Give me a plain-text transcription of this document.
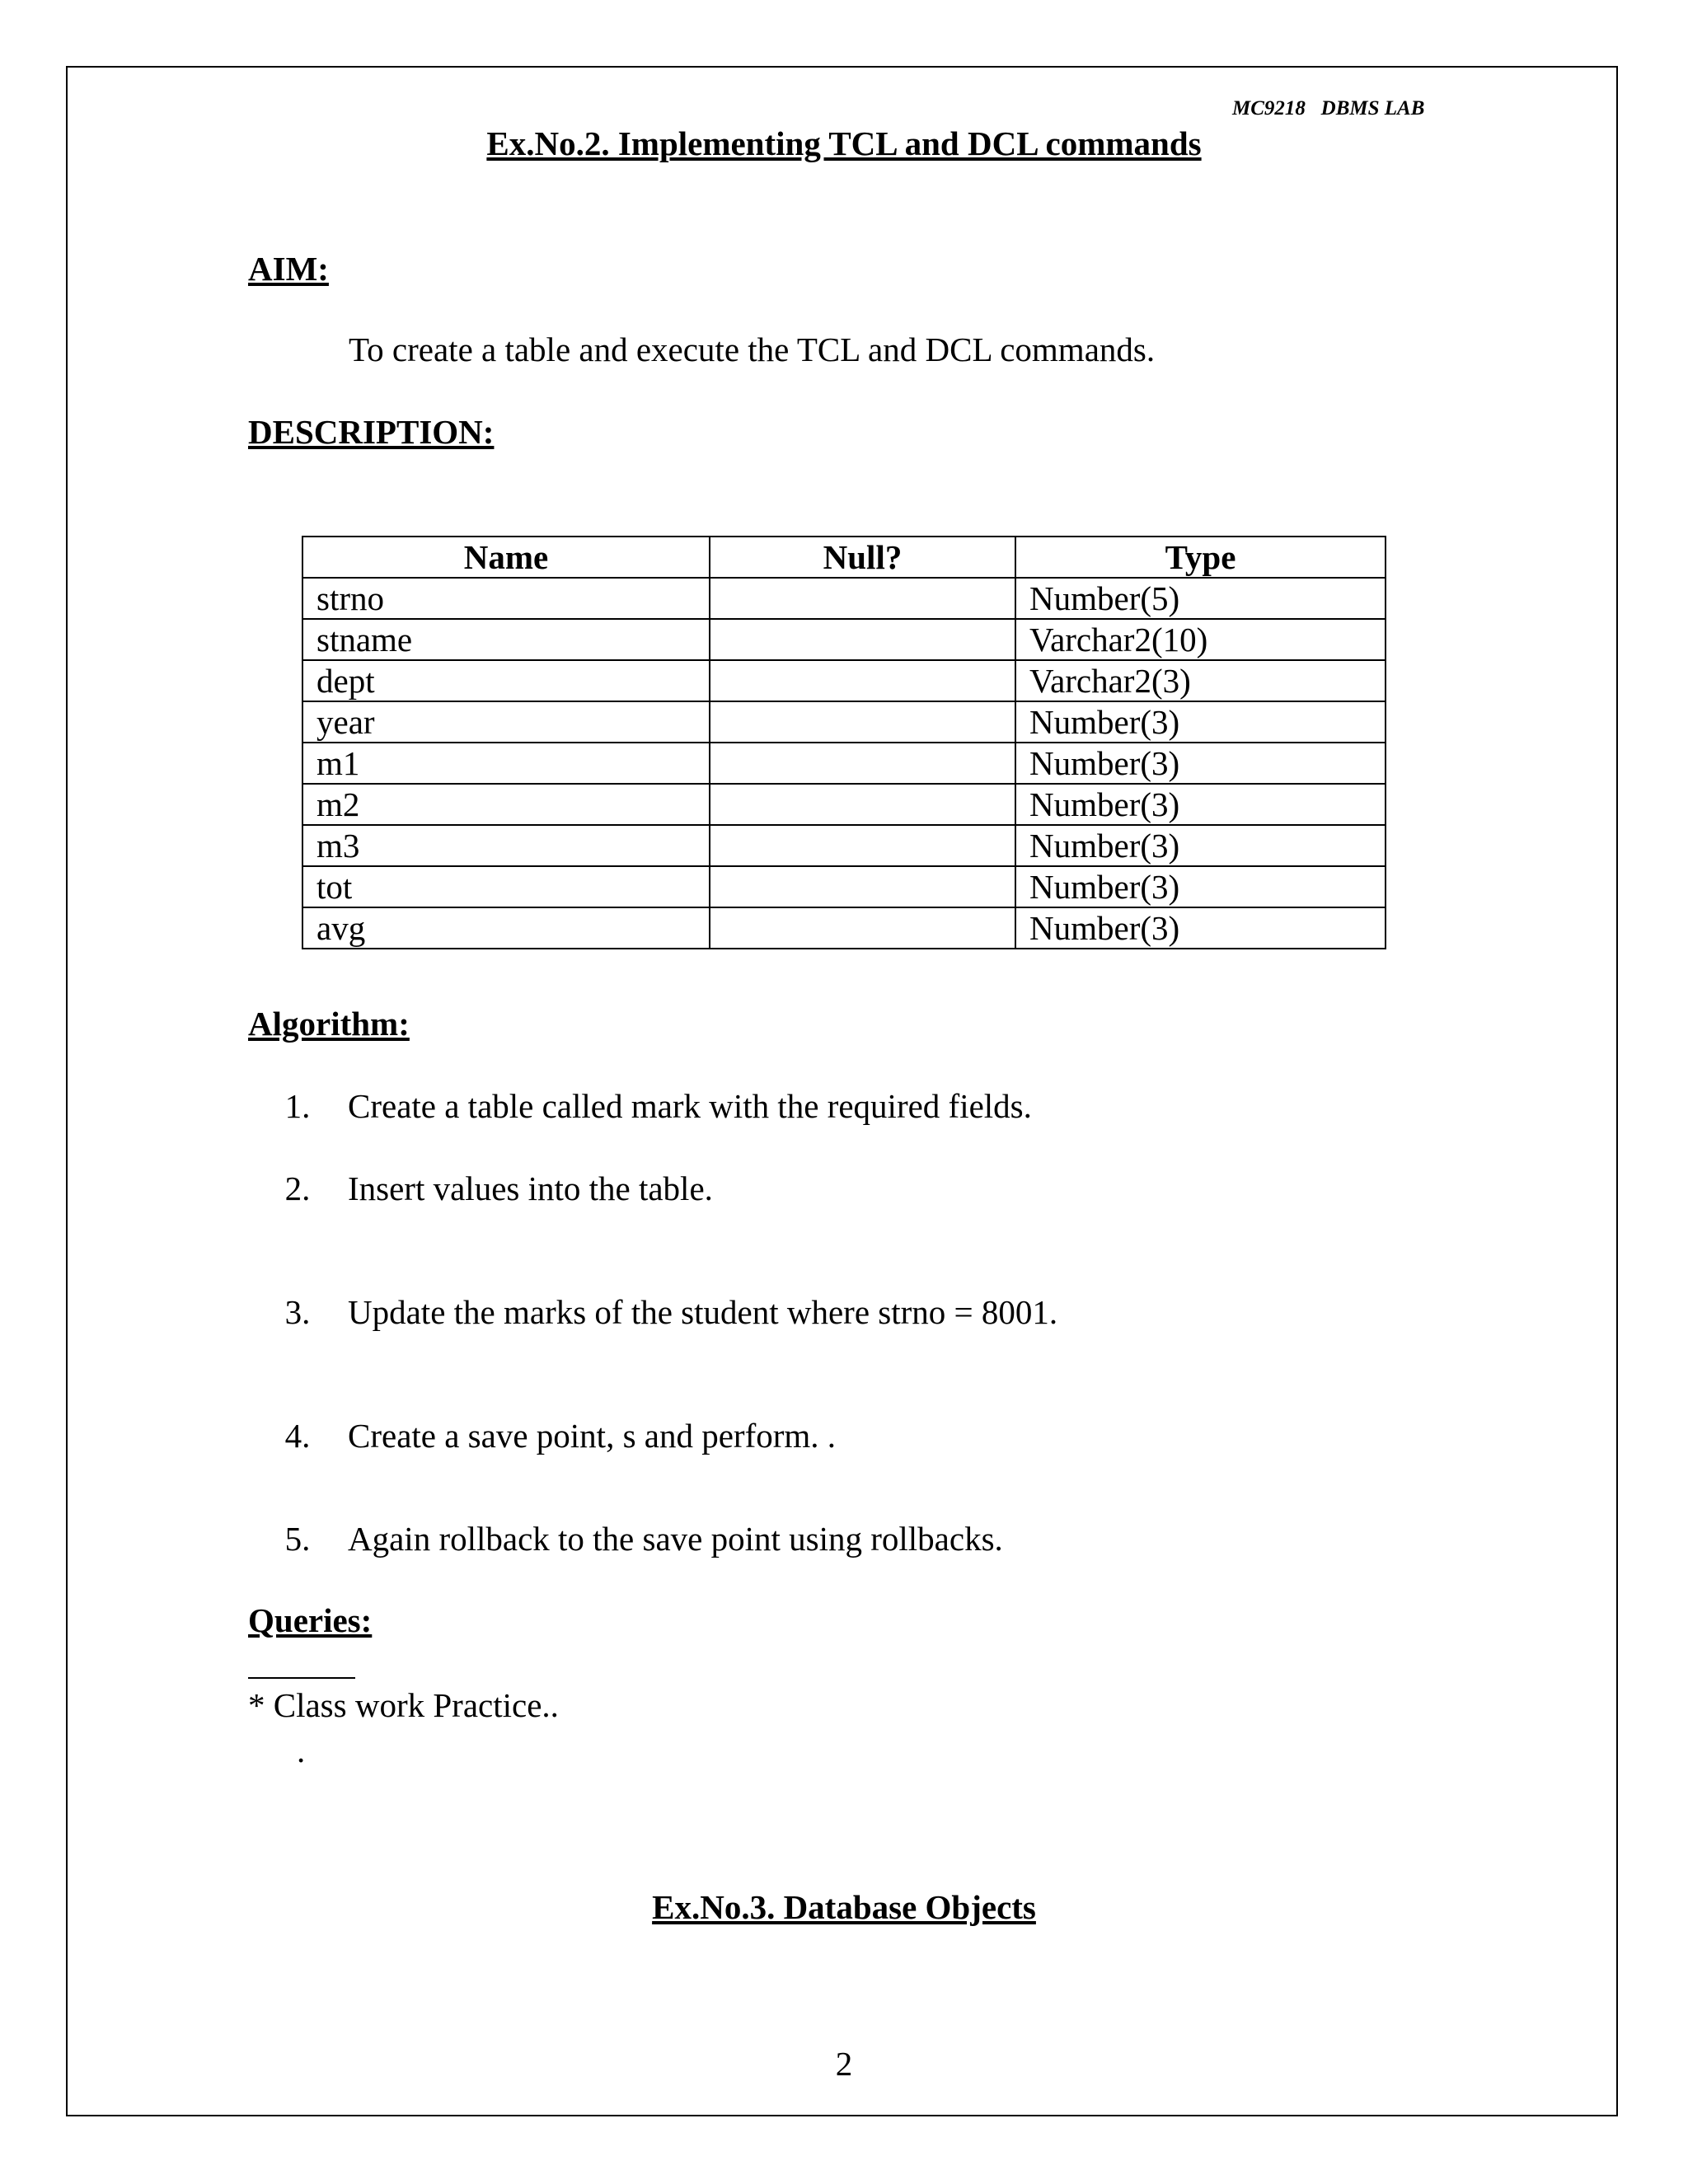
MC9218   DBMS LAB
Ex.No.2. Implementing TCL and DCL commands
AIM:
To create a table and execute the TCL and DCL commands.
DESCRIPTION:
Name	Null?	Type
strno		Number(5)
stname		Varchar2(10)
dept		Varchar2(3)
year		Number(3)
m1		Number(3)
m2		Number(3)
m3		Number(3)
tot		Number(3)
avg		Number(3)
Algorithm:
1. Create a table called mark with the required fields.
2. Insert values into the table.
3. Update the marks of the student where strno = 8001.
4. Create a save point, s and perform. .
5. Again rollback to the save point using rollbacks.
Queries:
* Class work Practice..
.
Ex.No.3. Database Objects
2
